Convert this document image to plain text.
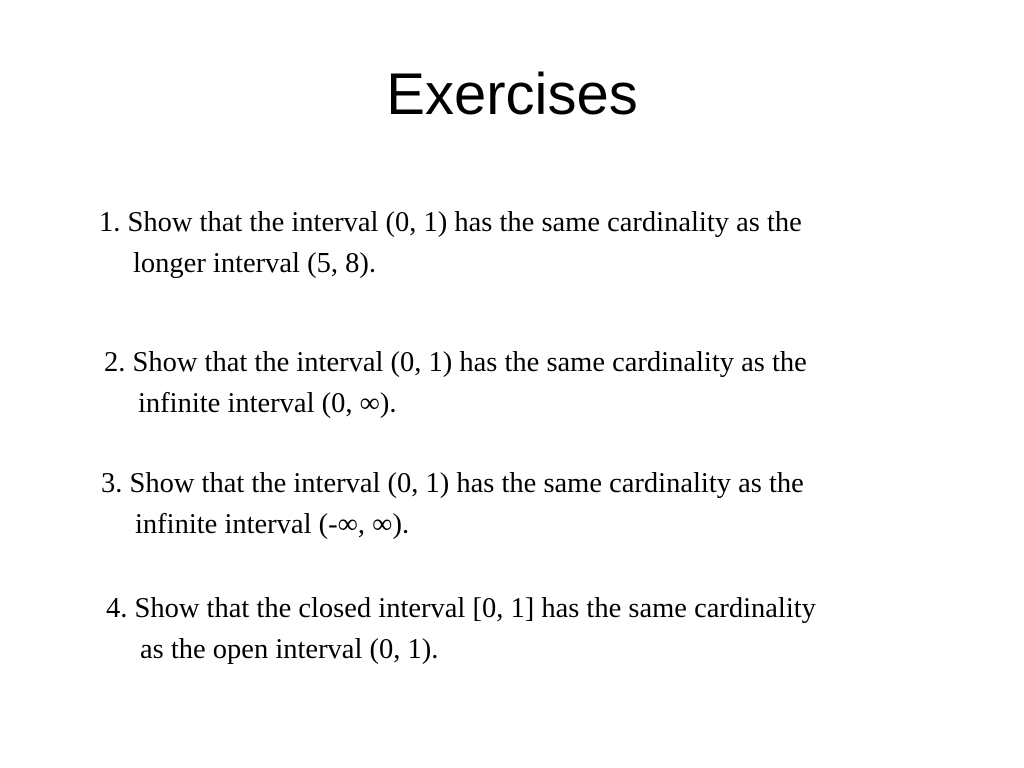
Exercises
1. Show that the interval (0, 1) has the same cardinality as the
longer interval (5, 8).
2. Show that the interval (0, 1) has the same cardinality as the
infinite interval (0, ∞).
3. Show that the interval (0, 1) has the same cardinality as the
infinite interval (-∞, ∞).
4. Show that the closed interval [0, 1] has the same cardinality
as the open interval (0, 1).
